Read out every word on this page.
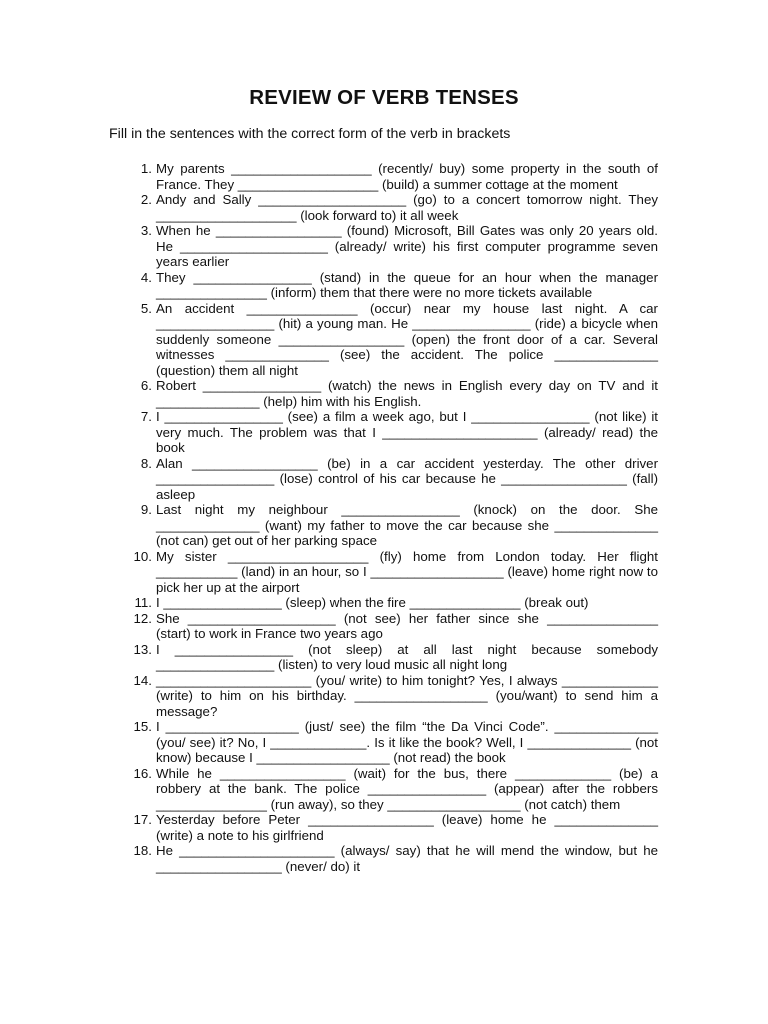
REVIEW OF VERB TENSES
Fill in the sentences with the correct form of the verb in brackets
1. My parents ___________________ (recently/ buy) some property in the south of France. They ___________________ (build) a summer cottage at the moment
2. Andy and Sally ____________________ (go) to a concert tomorrow night. They ___________________ (look forward to) it all week
3. When he _________________ (found) Microsoft, Bill Gates was only 20 years old. He ____________________ (already/ write) his first computer programme seven years earlier
4. They ________________ (stand) in the queue for an hour when the manager _______________ (inform) them that there were no more tickets available
5. An accident _______________ (occur) near my house last night. A car ________________ (hit) a young man. He ________________ (ride) a bicycle when suddenly someone _________________ (open) the front door of a car. Several witnesses ______________ (see) the accident. The police ______________ (question) them all night
6. Robert ________________ (watch) the news in English every day on TV and it ______________ (help) him with his English.
7. I ________________ (see) a film a week ago, but I ________________ (not like) it very much. The problem was that I _____________________ (already/ read) the book
8. Alan _________________ (be) in a car accident yesterday. The other driver ________________ (lose) control of his car because he _________________ (fall) asleep
9. Last night my neighbour ________________ (knock) on the door. She ______________ (want) my father to move the car because she ______________ (not can) get out of her parking space
10. My sister ___________________ (fly) home from London today. Her flight ___________ (land) in an hour, so I __________________ (leave) home right now to pick her up at the airport
11. I ________________ (sleep) when the fire _______________ (break out)
12. She ____________________ (not see) her father since she _______________ (start) to work in France two years ago
13. I ________________ (not sleep) at all last night because somebody ________________ (listen) to very loud music all night long
14. _____________________ (you/ write) to him tonight? Yes, I always _____________ (write) to him on his birthday. __________________ (you/want) to send him a message?
15. I __________________ (just/ see) the film “the Da Vinci Code”. ______________ (you/ see) it? No, I _____________. Is it like the book? Well, I ______________ (not know) because I __________________ (not read) the book
16. While he _________________ (wait) for the bus, there _____________ (be) a robbery at the bank. The police ________________ (appear) after the robbers _______________ (run away), so they __________________ (not catch) them
17. Yesterday before Peter _________________ (leave) home he ______________ (write) a note to his girlfriend
18. He _____________________ (always/ say) that he will mend the window, but he _________________ (never/ do) it
